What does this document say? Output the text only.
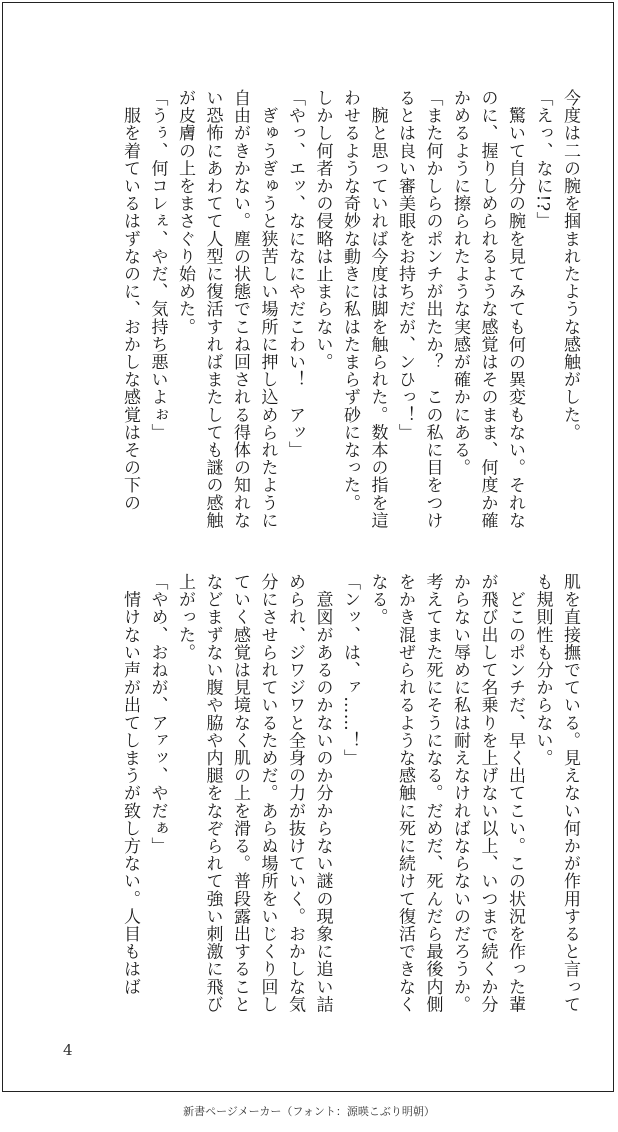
今度は二の腕を掴まれたような感触がした。

「えっ、なに!?」

　驚いて自分の腕を見てみても何の異変もない。それなのに、握りしめられるような感覚はそのまま、何度か確かめるように擦られたような実感が確かにある。

「また何かしらのポンチが出たか？　この私に目をつけるとは良い審美眼をお持ちだが、ンひっ！」

　腕と思っていれば今度は脚を触られた。数本の指を這わせるような奇妙な動きに私はたまらず砂になった。

しかし何者かの侵略は止まらない。

「やっ、エッ、なになにやだこわい！　アッ」

　ぎゅうぎゅうと狭苦しい場所に押し込められたように自由がきかない。塵の状態でこね回される得体の知れない恐怖にあわてて人型に復活すればまたしても謎の感触が皮膚の上をまさぐり始めた。

「うぅ、何コレぇ、やだ、気持ち悪いよぉ」

　服を着ているはずなのに、おかしな感覚はその下の

肌を直接撫でている。見えない何かが作用すると言っても規則性も分からない。

　どこのポンチだ、早く出てこい。この状況を作った輩が飛び出して名乗りを上げない以上、いつまで続くか分からない辱めに私は耐えなければならないのだろうか。考えてまた死にそうになる。だめだ、死んだら最後内側をかき混ぜられるような感触に死に続けて復活できなくなる。

「ンッ、は、ァ……！」

　意図があるのかないのか分からない謎の現象に追い詰められ、ジワジワと全身の力が抜けていく。おかしな気分にさせられているためだ。あらぬ場所をいじくり回していく感覚は見境なく肌の上を滑る。普段露出することなどまずない腹や脇や内腿をなぞられて強い刺激に飛び上がった。

「やめ、おねが、アァッ、やだぁ」

　情けない声が出てしまうが致し方ない。人目もはば

4
新書ページメーカー（フォント：源暎こぶり明朝）
